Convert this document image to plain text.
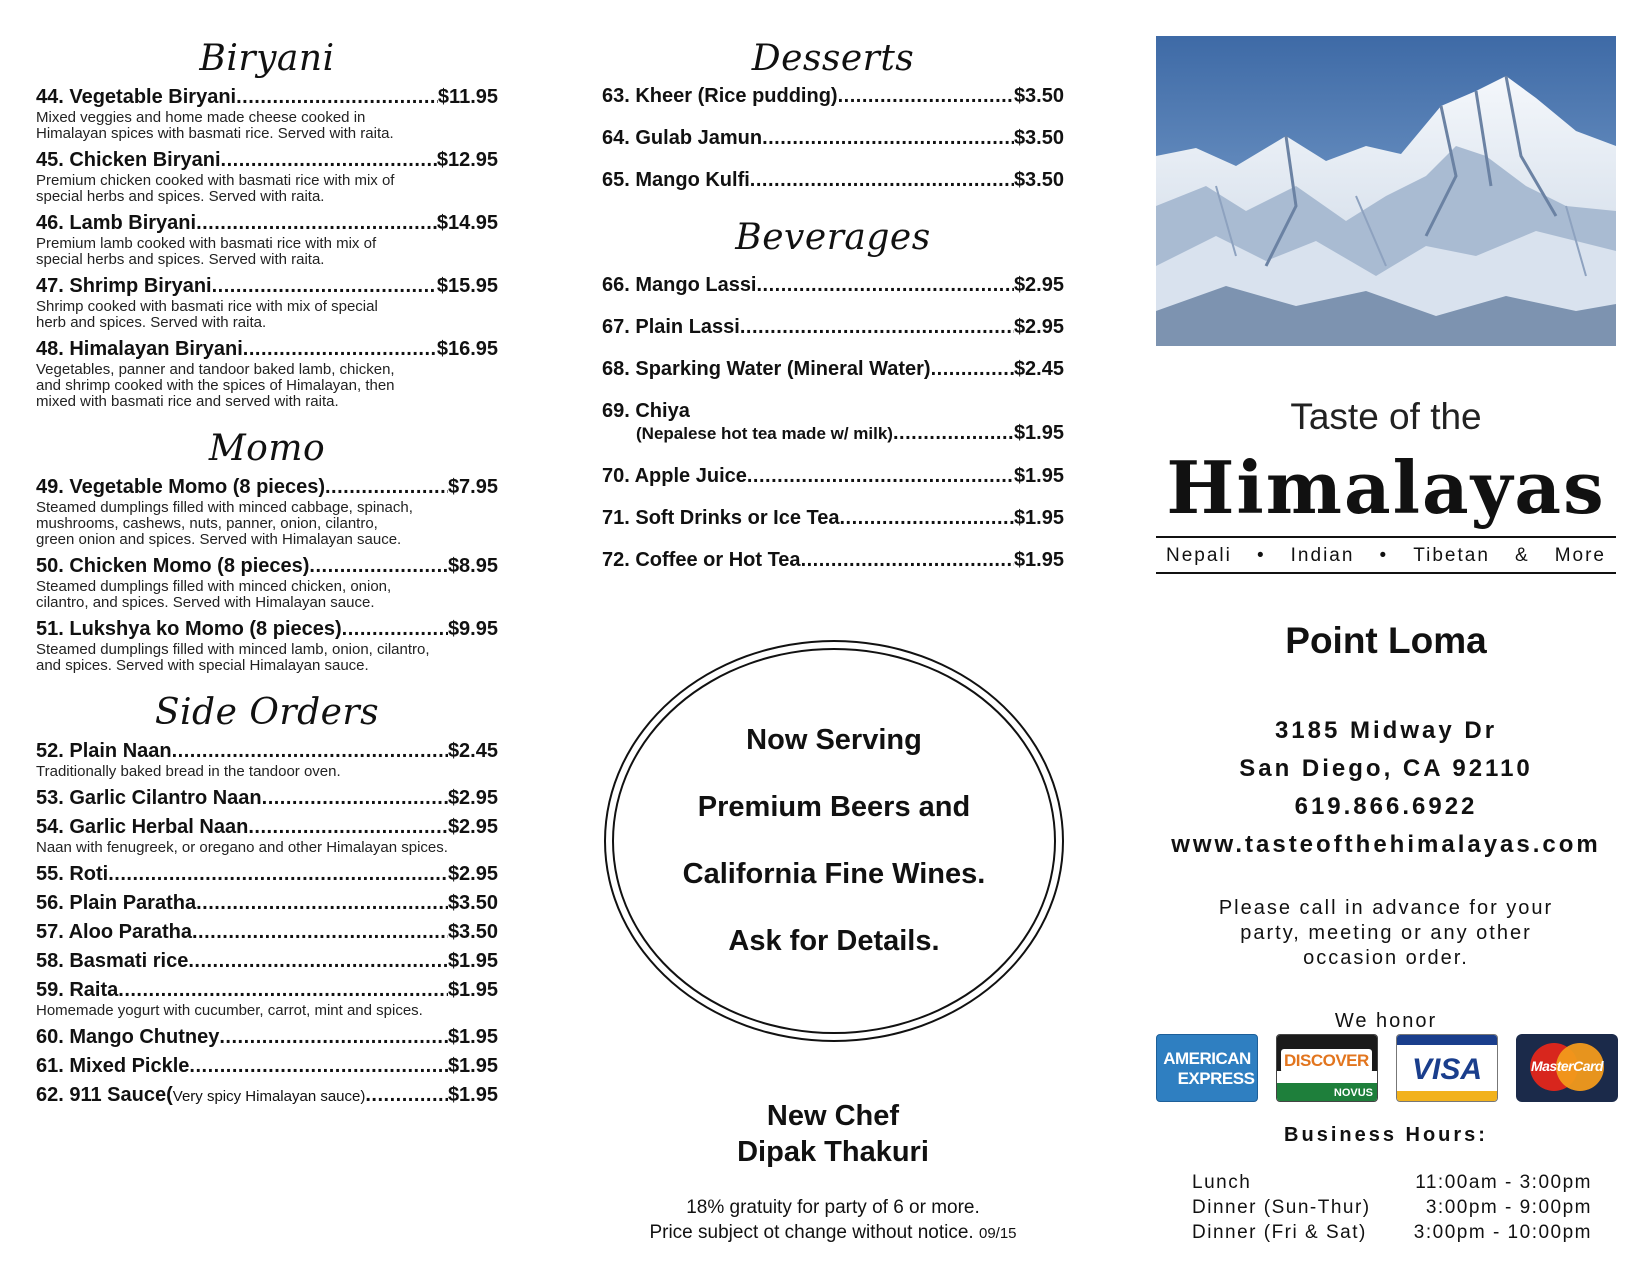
Biryani
44. Vegetable Biryani .....	$11.95
Mixed veggies and home made cheese cooked in
Himalayan spices with basmati rice. Served with raita.
45. Chicken Biryani .....	$12.95
Premium chicken cooked with basmati rice with mix of
special herbs and spices. Served with raita.
46. Lamb Biryani .....	$14.95
Premium lamb cooked with basmati rice with mix of
special herbs and spices. Served with raita.
47. Shrimp Biryani .....	$15.95
Shrimp cooked with basmati rice with mix of special
herb and spices. Served with raita.
48. Himalayan Biryani .....	$16.95
Vegetables, panner and tandoor baked lamb, chicken,
and shrimp cooked with the spices of Himalayan, then
mixed with basmati rice and served with raita.
Momo
49. Vegetable Momo (8 pieces) .....	$7.95
Steamed dumplings filled with minced cabbage, spinach,
mushrooms, cashews, nuts, panner, onion, cilantro,
green onion and spices. Served with Himalayan sauce.
50. Chicken Momo (8 pieces) .....	$8.95
Steamed dumplings filled with minced chicken, onion,
cilantro, and spices. Served with Himalayan sauce.
51. Lukshya ko Momo (8 pieces) .....	$9.95
Steamed dumplings filled with minced lamb, onion, cilantro,
and spices. Served with special Himalayan sauce.
Side Orders
52. Plain Naan .....	$2.45
Traditionally baked bread in the tandoor oven.
53. Garlic Cilantro Naan .....	$2.95
54. Garlic Herbal Naan .....	$2.95
Naan with fenugreek, or oregano and other Himalayan spices.
55. Roti .....	$2.95
56. Plain Paratha .....	$3.50
57. Aloo Paratha .....	$3.50
58. Basmati rice .....	$1.95
59. Raita .....	$1.95
Homemade yogurt with cucumber, carrot, mint and spices.
60. Mango Chutney .....	$1.95
61. Mixed Pickle .....	$1.95
62. 911 Sauce( Very spicy Himalayan sauce) .....	$1.95
Desserts
63. Kheer (Rice pudding) .....	$3.50
64. Gulab Jamun .....	$3.50
65. Mango Kulfi .....	$3.50
Beverages
66. Mango Lassi .....	$2.95
67. Plain Lassi .....	$2.95
68. Sparking Water (Mineral Water) .....	$2.45
69. Chiya
(Nepalese hot tea made w/ milk) .....	$1.95
70. Apple Juice .....	$1.95
71. Soft Drinks or Ice Tea .....	$1.95
72. Coffee or Hot Tea .....	$1.95
Now Serving
Premium Beers and
California Fine Wines.
Ask for Details.
New Chef
Dipak Thakuri
18% gratuity for party of 6 or more.
Price subject ot change without notice. 09/15
Taste of the
Himalayas
Nepali • Indian • Tibetan & More
Point Loma
3185 Midway Dr
San Diego, CA 92110
619.866.6922
www.tasteofthehimalayas.com
Please call in advance for your
party, meeting or any other
occasion order.
We honor
AMERICAN
EXPRESS
DISCOVER
NOVUS
VISA	MasterCard
Business Hours:
Lunch	11:00am - 3:00pm
Dinner (Sun-Thur)	3:00pm - 9:00pm
Dinner (Fri & Sat) 3:00pm - 10:00pm
